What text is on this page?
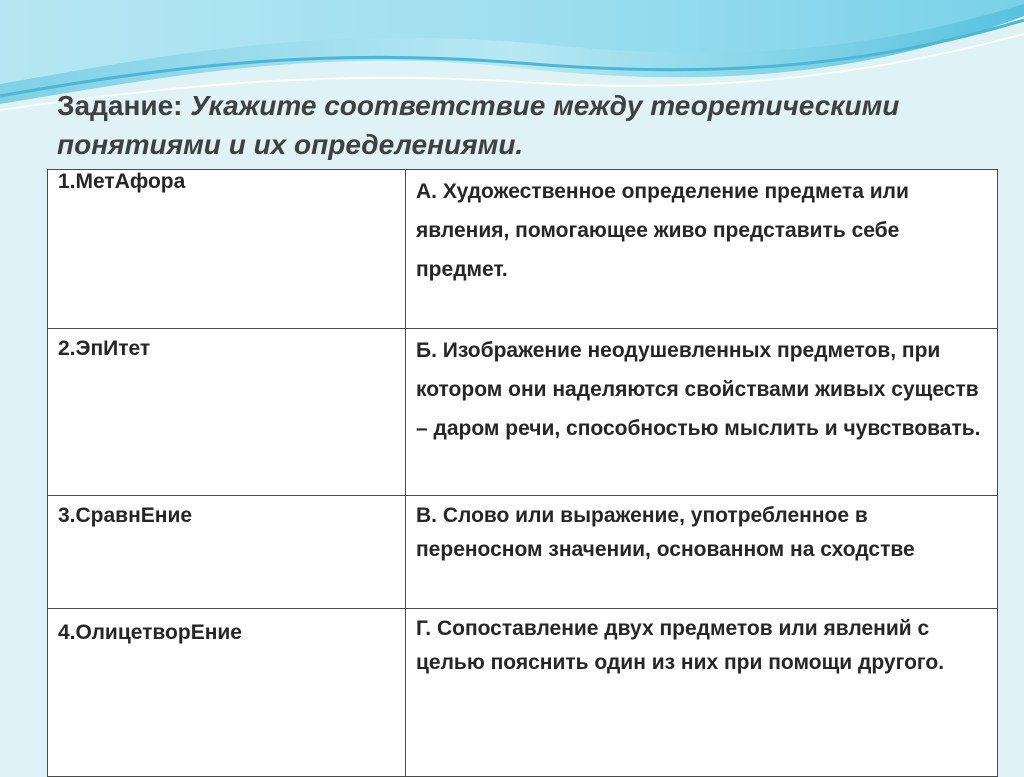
Задание: Укажите соответствие между теоретическими понятиями и их определениями.
1.МетАфора	А. Художественное определение предмета или явления, помогающее живо представить себе предмет.
2.ЭпИтет	Б. Изображение неодушевленных предметов, при котором они наделяются свойствами живых существ – даром речи, способностью мыслить и чувствовать.
3.СравнЕние	В. Слово или выражение, употребленное в переносном значении, основанном на сходстве
4.ОлицетворЕние	Г. Сопоставление двух предметов или явлений с целью пояснить один из них при помощи другого.
